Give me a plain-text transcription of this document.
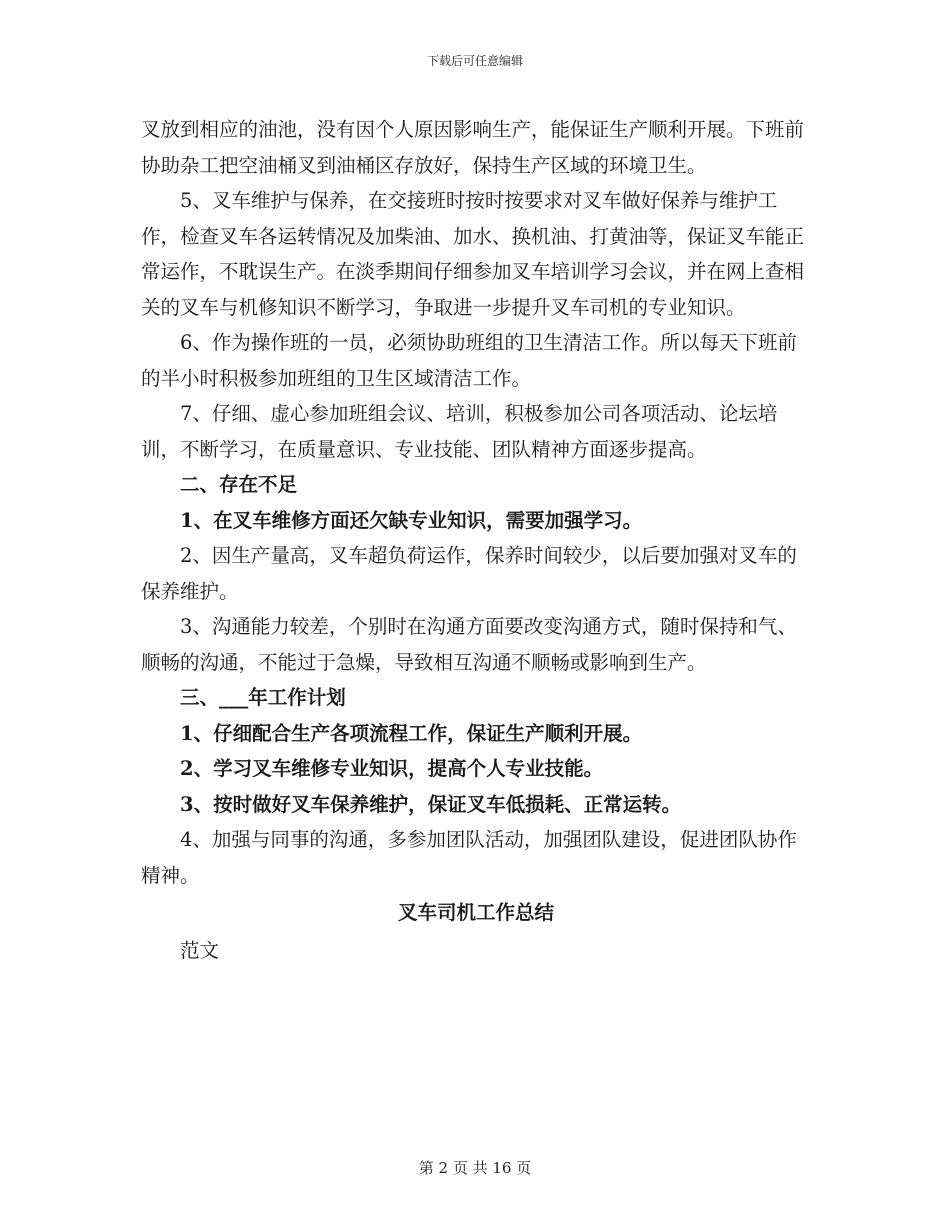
下载后可任意编辑

叉放到相应的油池，没有因个人原因影响生产，能保证生产顺利开展。下班前协助杂工把空油桶叉到油桶区存放好，保持生产区域的环境卫生。

5、叉车维护与保养，在交接班时按时按要求对叉车做好保养与维护工作，检查叉车各运转情况及加柴油、加水、换机油、打黄油等，保证叉车能正常运作，不耽误生产。在淡季期间仔细参加叉车培训学习会议，并在网上查相关的叉车与机修知识不断学习，争取进一步提升叉车司机的专业知识。

6、作为操作班的一员，必须协助班组的卫生清洁工作。所以每天下班前的半小时积极参加班组的卫生区域清洁工作。

7、仔细、虚心参加班组会议、培训，积极参加公司各项活动、论坛培训，不断学习，在质量意识、专业技能、团队精神方面逐步提高。

二、存在不足

1、在叉车维修方面还欠缺专业知识，需要加强学习。

2、因生产量高，叉车超负荷运作，保养时间较少，以后要加强对叉车的保养维护。

3、沟通能力较差，个别时在沟通方面要改变沟通方式，随时保持和气、顺畅的沟通，不能过于急燥，导致相互沟通不顺畅或影响到生产。

三、___年工作计划

1、仔细配合生产各项流程工作，保证生产顺利开展。

2、学习叉车维修专业知识，提高个人专业技能。

3、按时做好叉车保养维护，保证叉车低损耗、正常运转。

4、加强与同事的沟通，多参加团队活动，加强团队建设，促进团队协作精神。

叉车司机工作总结

范文

第 2 页 共 16 页
